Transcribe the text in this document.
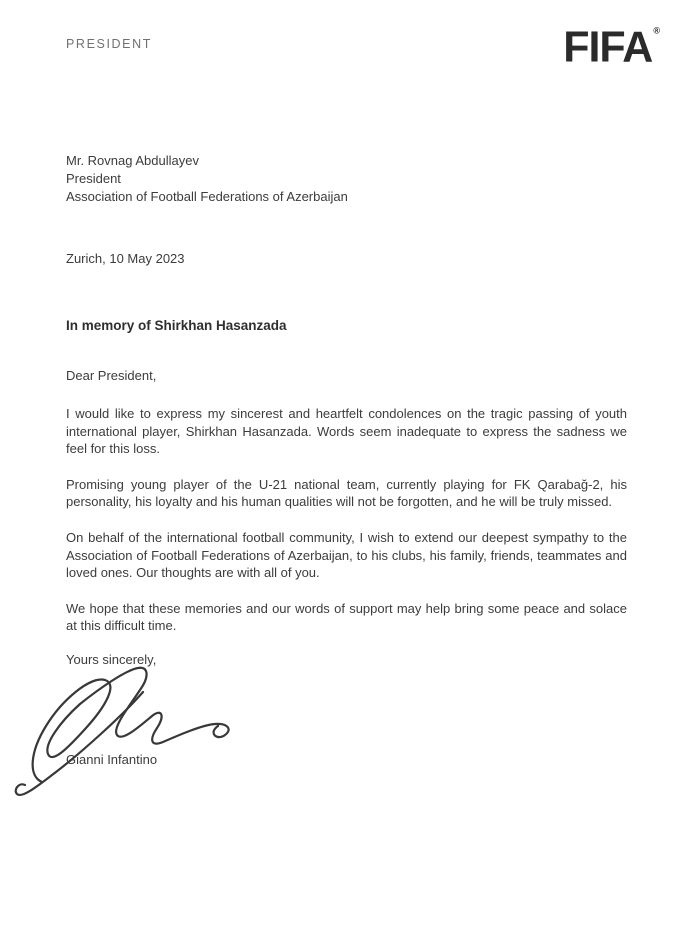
PRESIDENT	FIFA®
Mr. Rovnag Abdullayev
President
Association of Football Federations of Azerbaijan
Zurich, 10 May 2023
In memory of Shirkhan Hasanzada
Dear President,

I would like to express my sincerest and heartfelt condolences on the tragic passing of youth international player, Shirkhan Hasanzada. Words seem inadequate to express the sadness we feel for this loss.

Promising young player of the U-21 national team, currently playing for FK Qarabağ-2, his personality, his loyalty and his human qualities will not be forgotten, and he will be truly missed.

On behalf of the international football community, I wish to extend our deepest sympathy to the Association of Football Federations of Azerbaijan, to his clubs, his family, friends, teammates and loved ones. Our thoughts are with all of you.

We hope that these memories and our words of support may help bring some peace and solace at this difficult time.

Yours sincerely,
Gianni Infantino
